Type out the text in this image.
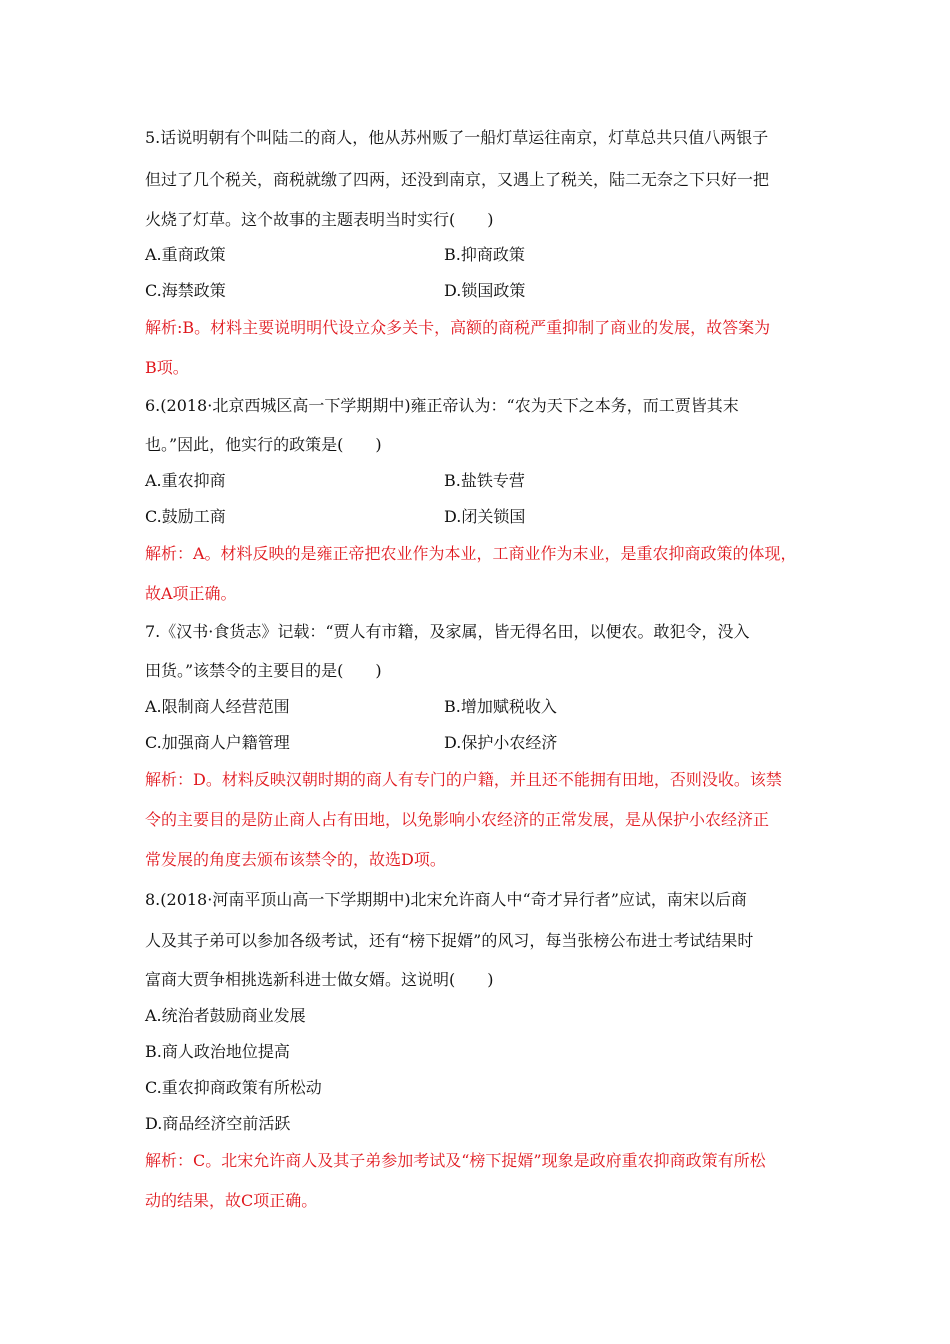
5.话说明朝有个叫陆二的商人，他从苏州贩了一船灯草运往南京，灯草总共只值八两银子
但过了几个税关，商税就缴了四两，还没到南京，又遇上了税关，陆二无奈之下只好一把
火烧了灯草。这个故事的主题表明当时实行(　　)
A.重商政策	B.抑商政策
C.海禁政策	D.锁国政策
解析:B。材料主要说明明代设立众多关卡，高额的商税严重抑制了商业的发展，故答案为
B项。
6.(2018·北京西城区高一下学期期中)雍正帝认为：“农为天下之本务，而工贾皆其末
也。”因此，他实行的政策是(　　)
A.重农抑商	B.盐铁专营
C.鼓励工商	D.闭关锁国
解析：A。材料反映的是雍正帝把农业作为本业，工商业作为末业，是重农抑商政策的体现，
故A项正确。
7.《汉书·食货志》记载：“贾人有市籍，及家属，皆无得名田，以便农。敢犯令，没入
田货。”该禁令的主要目的是(　　)
A.限制商人经营范围	B.增加赋税收入
C.加强商人户籍管理	D.保护小农经济
解析：D。材料反映汉朝时期的商人有专门的户籍，并且还不能拥有田地，否则没收。该禁
令的主要目的是防止商人占有田地，以免影响小农经济的正常发展，是从保护小农经济正
常发展的角度去颁布该禁令的，故选D项。
8.(2018·河南平顶山高一下学期期中)北宋允许商人中“奇才异行者”应试，南宋以后商
人及其子弟可以参加各级考试，还有“榜下捉婿”的风习，每当张榜公布进士考试结果时
富商大贾争相挑选新科进士做女婿。这说明(　　)
A.统治者鼓励商业发展
B.商人政治地位提高
C.重农抑商政策有所松动
D.商品经济空前活跃
解析：C。北宋允许商人及其子弟参加考试及“榜下捉婿”现象是政府重农抑商政策有所松
动的结果，故C项正确。
